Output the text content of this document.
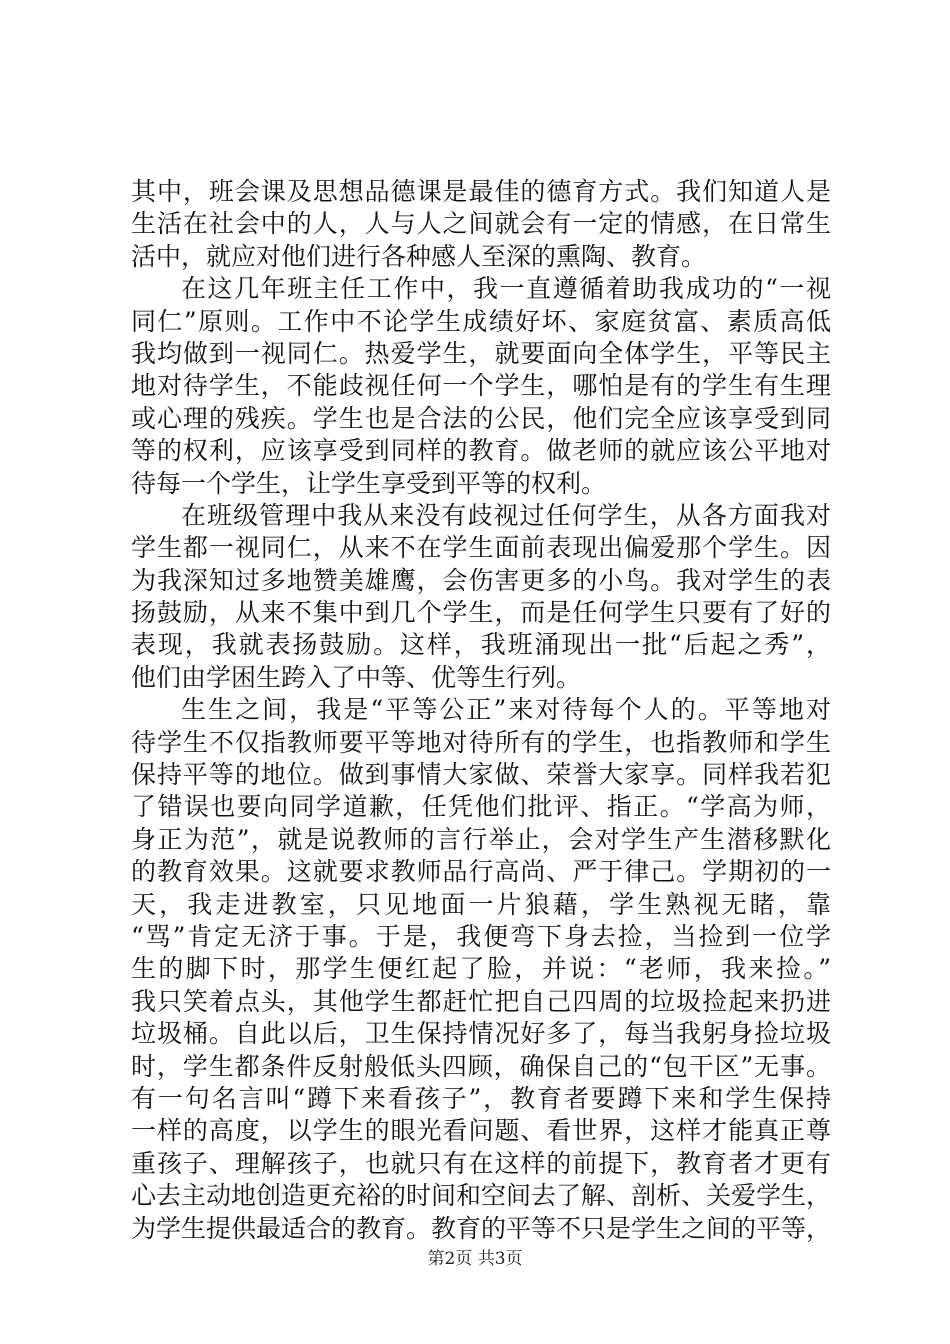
其中，班会课及思想品德课是最佳的德育方式。我们知道人是
生活在社会中的人，人与人之间就会有一定的情感，在日常生
活中，就应对他们进行各种感人至深的熏陶、教育。
在这几年班主任工作中，我一直遵循着助我成功的“一视
同仁”原则。工作中不论学生成绩好坏、家庭贫富、素质高低
我均做到一视同仁。热爱学生，就要面向全体学生，平等民主
地对待学生，不能歧视任何一个学生，哪怕是有的学生有生理
或心理的残疾。学生也是合法的公民，他们完全应该享受到同
等的权利，应该享受到同样的教育。做老师的就应该公平地对
待每一个学生，让学生享受到平等的权利。
在班级管理中我从来没有歧视过任何学生，从各方面我对
学生都一视同仁，从来不在学生面前表现出偏爱那个学生。因
为我深知过多地赞美雄鹰，会伤害更多的小鸟。我对学生的表
扬鼓励，从来不集中到几个学生，而是任何学生只要有了好的
表现，我就表扬鼓励。这样，我班涌现出一批“后起之秀”，
他们由学困生跨入了中等、优等生行列。
生生之间，我是“平等公正”来对待每个人的。平等地对
待学生不仅指教师要平等地对待所有的学生，也指教师和学生
保持平等的地位。做到事情大家做、荣誉大家享。同样我若犯
了错误也要向同学道歉，任凭他们批评、指正。“学高为师，
身正为范”，就是说教师的言行举止，会对学生产生潜移默化
的教育效果。这就要求教师品行高尚、严于律己。学期初的一
天，我走进教室，只见地面一片狼藉，学生熟视无睹，靠
“骂”肯定无济于事。于是，我便弯下身去捡，当捡到一位学
生的脚下时，那学生便红起了脸，并说：“老师，我来捡。”
我只笑着点头，其他学生都赶忙把自己四周的垃圾捡起来扔进
垃圾桶。自此以后，卫生保持情况好多了，每当我躬身捡垃圾
时，学生都条件反射般低头四顾，确保自己的“包干区”无事。
有一句名言叫“蹲下来看孩子”，教育者要蹲下来和学生保持
一样的高度，以学生的眼光看问题、看世界，这样才能真正尊
重孩子、理解孩子，也就只有在这样的前提下，教育者才更有
心去主动地创造更充裕的时间和空间去了解、剖析、关爱学生，
为学生提供最适合的教育。教育的平等不只是学生之间的平等，
第2页 共3页
